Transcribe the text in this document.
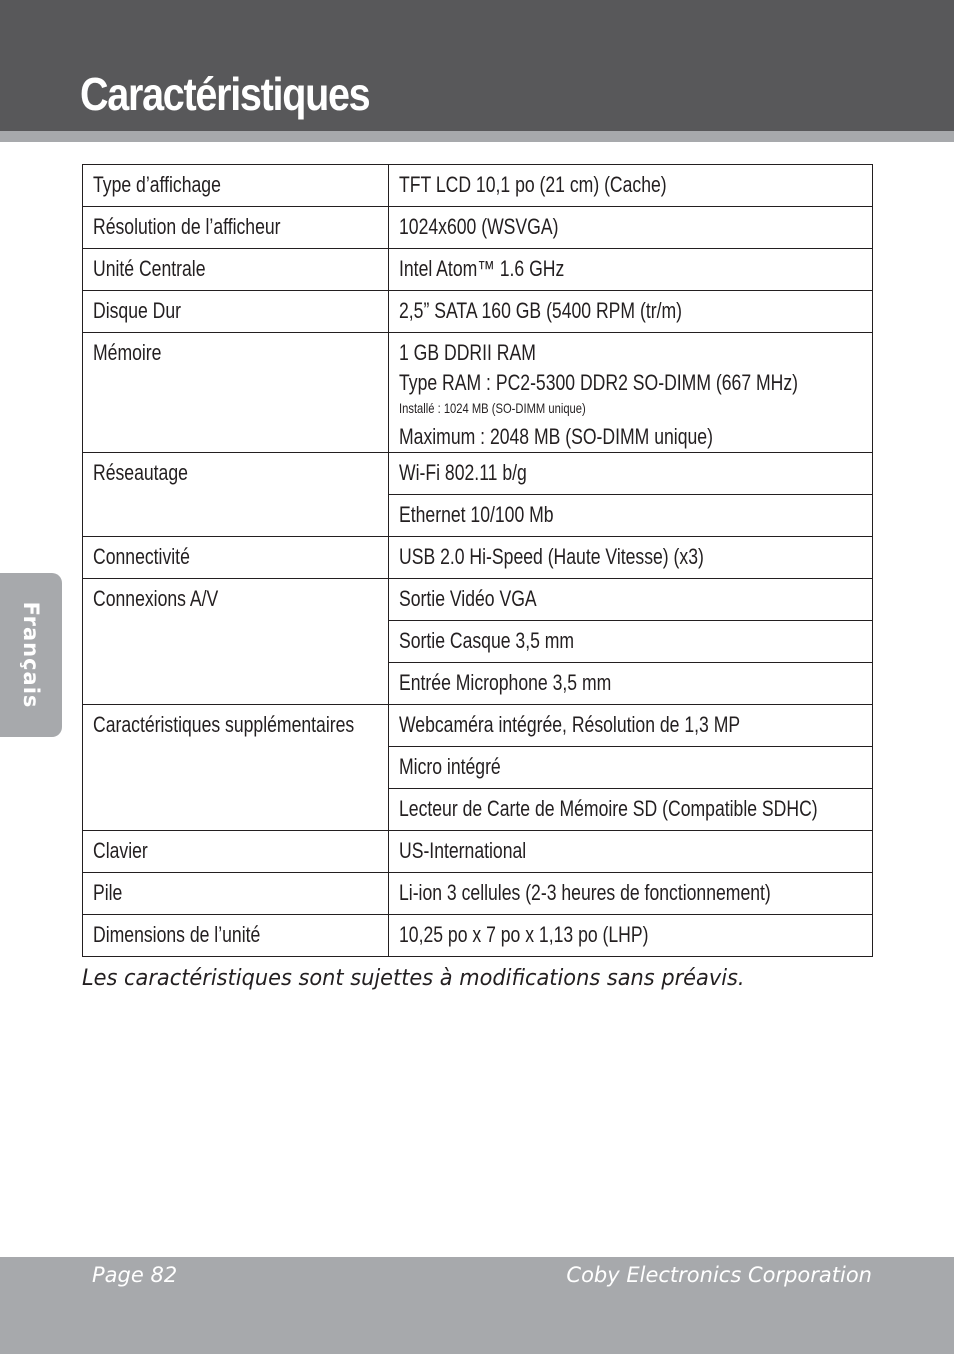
Caractéristiques
Français
Type d’affichage	TFT LCD 10,1 po (21 cm) (Cache)
Résolution de l’afficheur	1024x600 (WSVGA)
Unité Centrale	Intel Atom™ 1.6 GHz
Disque Dur	2,5” SATA 160 GB (5400 RPM (tr/m)
Mémoire	1 GB DDRII RAM
Type RAM : PC2-5300 DDR2 SO-DIMM (667 MHz)
Installé : 1024 MB (SO-DIMM unique)
Maximum : 2048 MB (SO-DIMM unique)

Réseautage	Wi-Fi 802.11 b/g
	Ethernet 10/100 Mb
Connectivité	USB 2.0 Hi-Speed (Haute Vitesse) (x3)
Connexions A/V	Sortie Vidéo VGA
	Sortie Casque 3,5 mm
	Entrée Microphone 3,5 mm
Caractéristiques supplémentaires	Webcaméra intégrée, Résolution de 1,3 MP
	Micro intégré
	Lecteur de Carte de Mémoire SD (Compatible SDHC)
Clavier	US-International
Pile	Li-ion 3 cellules (2-3 heures de fonctionnement)
Dimensions de l’unité	10,25 po x 7 po x 1,13 po (LHP)

Les caractéristiques sont sujettes à modifications sans préavis.

Page 82	Coby Electronics Corporation
